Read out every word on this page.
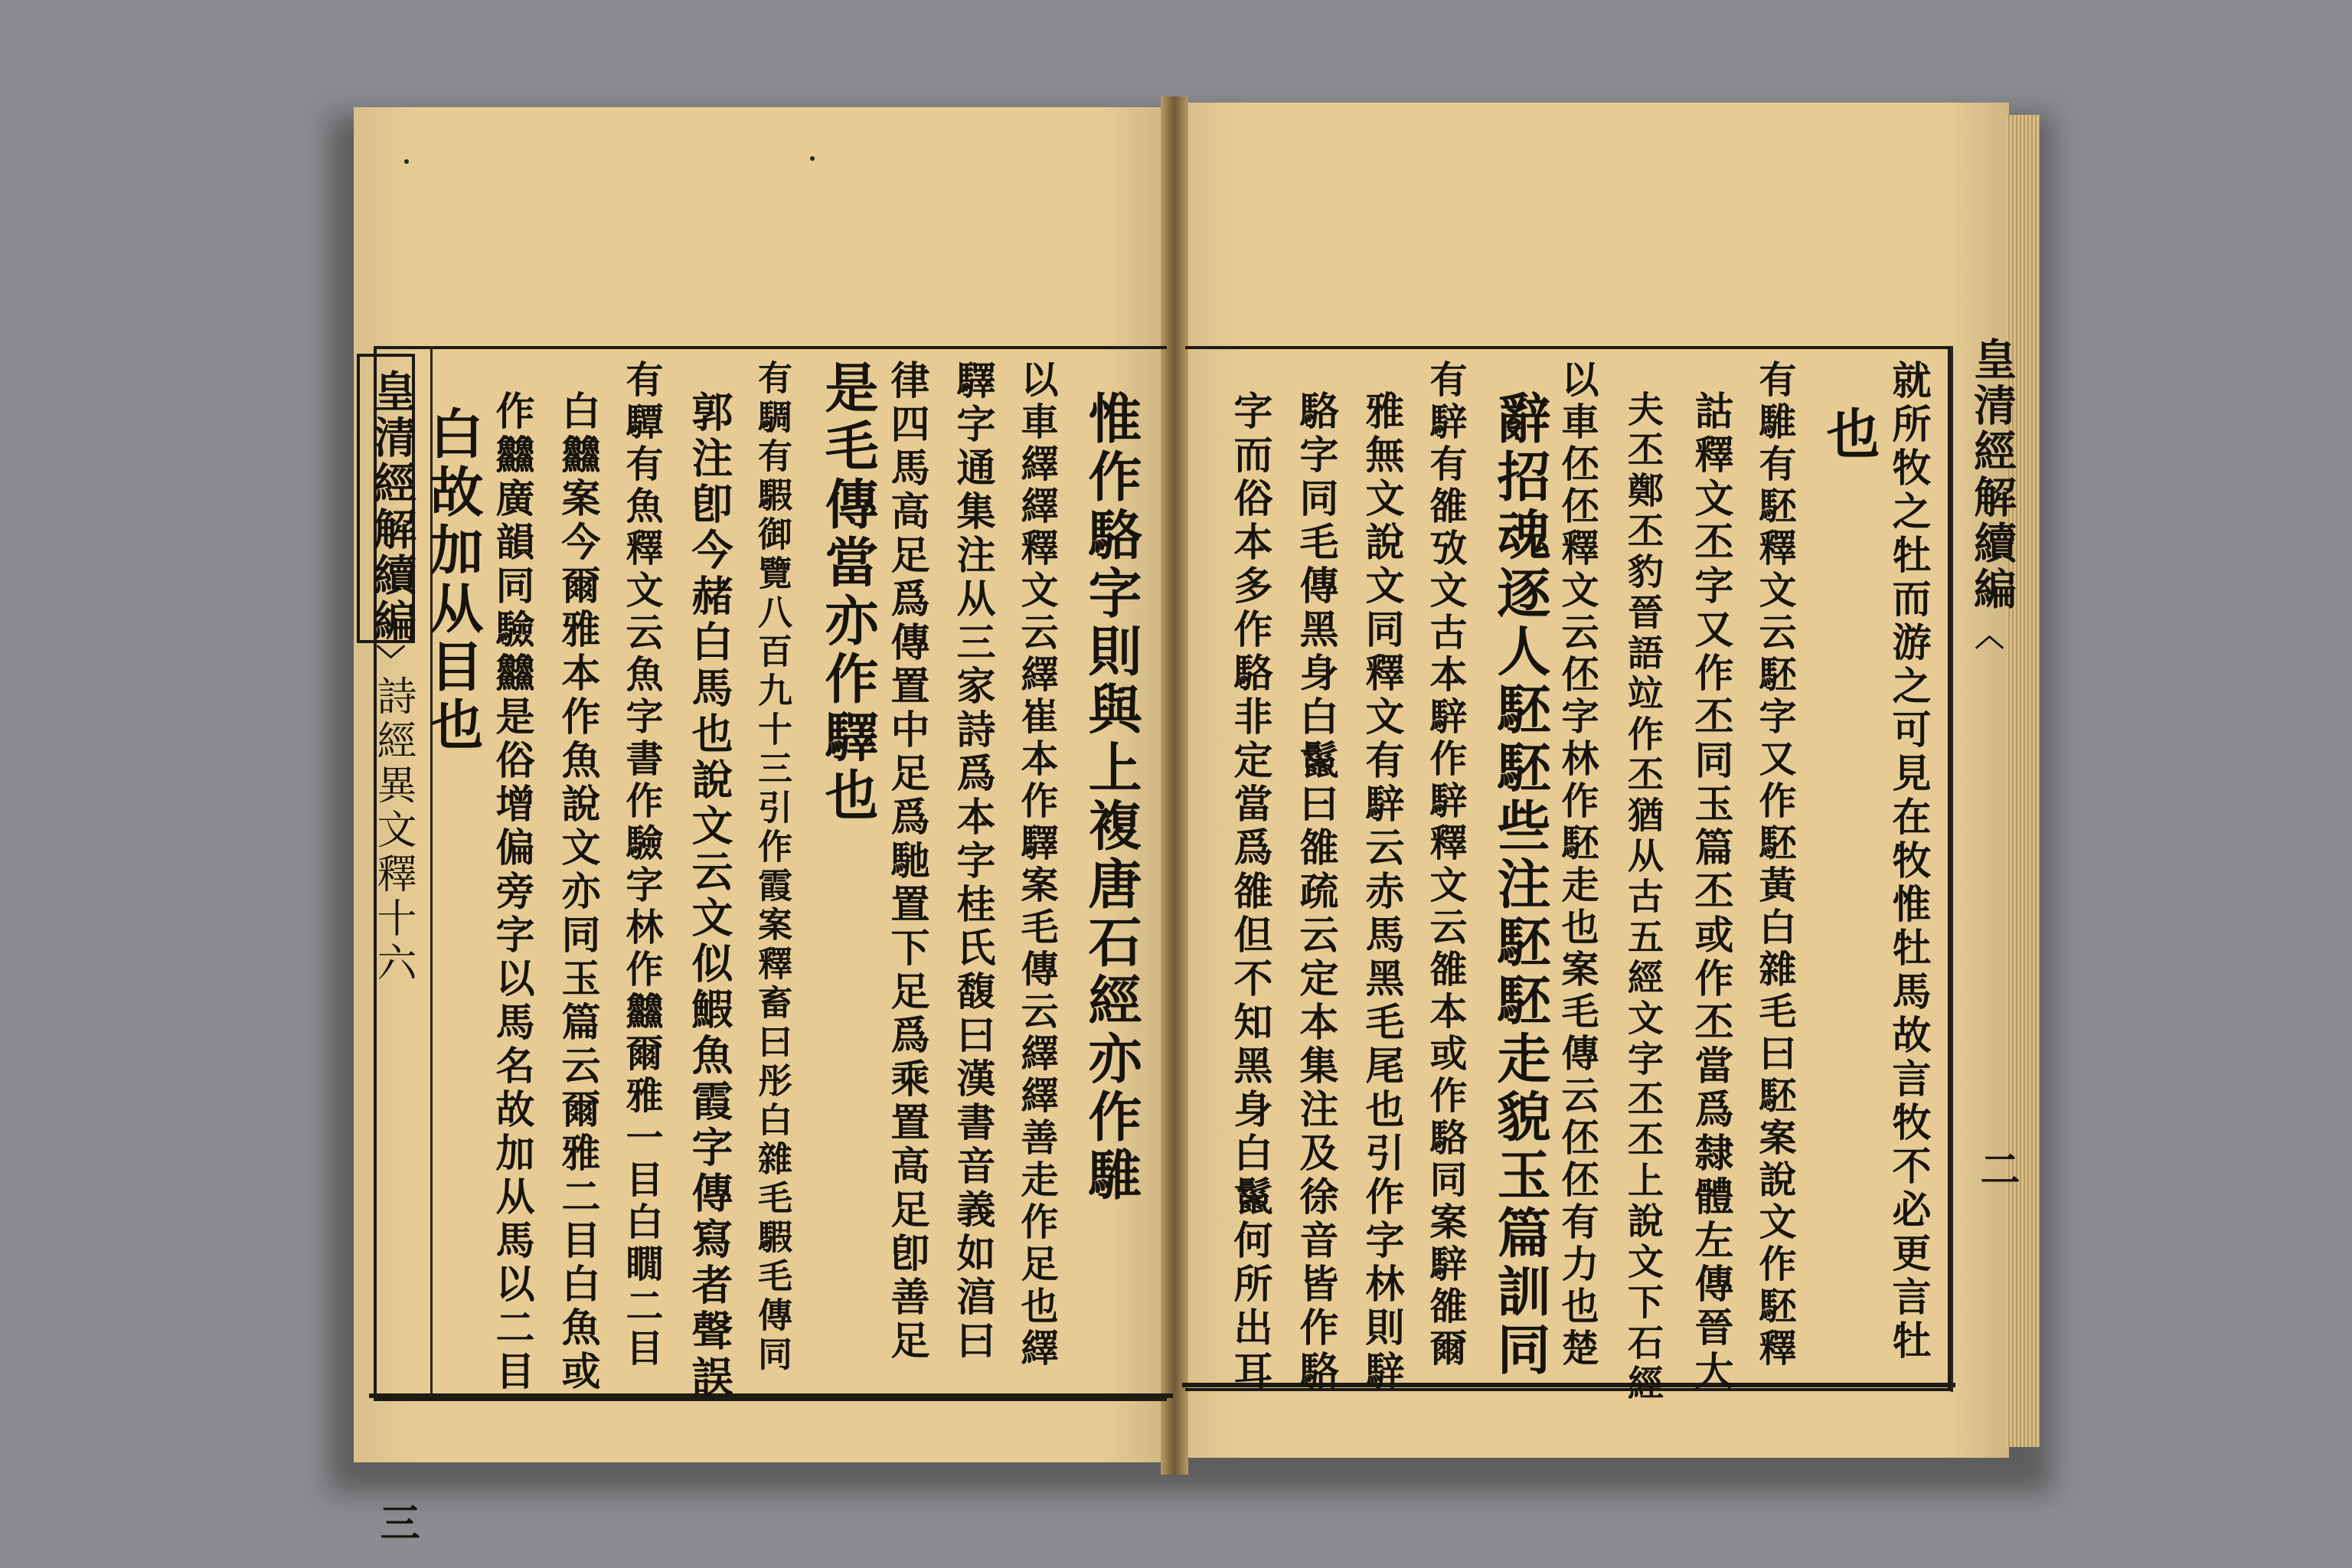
皇清經解續編
〉
詩經異文釋十六
三
惟作駱字則與上複唐石經亦作騅
以車繹繹釋文云繹崔本作驛案毛傳云繹繹善走作足也繹
驛字通集注从三家詩爲本字桂氏馥曰漢書音義如湻曰
律四馬高足爲傳置中足爲馳置下足爲乘置高足卽善足
是毛傳當亦作驛也
有騆有騢御覽八百九十三引作霞案釋畜曰彤白雜毛騢毛傳同
郭注卽今赭白馬也說文云文似鰕魚霞字傳寫者聲誤
有驔有魚釋文云魚字書作驗字林作䲜爾雅一目白瞯二目
白䲜案今爾雅本作魚說文亦同玉篇云爾雅二目白魚或
作䲜廣韻同驗䲜是俗增偏旁字以馬名故加从馬以二目
白故加从目也	皇清經解續編
〈
二
就所牧之牡而游之可見在牧惟牡馬故言牧不必更言牡
也
有騅有駓釋文云駓字又作駓黃白雜毛曰駓案說文作駓釋
詁釋文丕字又作丕同玉篇丕或作丕當爲隸體左傳晉大
夫丕鄭丕豹晉語竝作丕猶从古五經文字丕丕上說文下石經
以車伾伾釋文云伾字林作駓走也案毛傳云伾伾有力也楚
辭招魂逐人駓駓些注駓駓走貌玉篇訓同
有騂有雒攷文古本騂作騂釋文云雒本或作駱同案騂雒爾
雅無文說文同釋文有騂云赤馬黑毛尾也引作字林則騂
駱字同毛傳黑身白鬣曰雒疏云定本集注及徐音皆作駱
字而俗本多作駱非定當爲雒但不知黑身白鬣何所出耳
